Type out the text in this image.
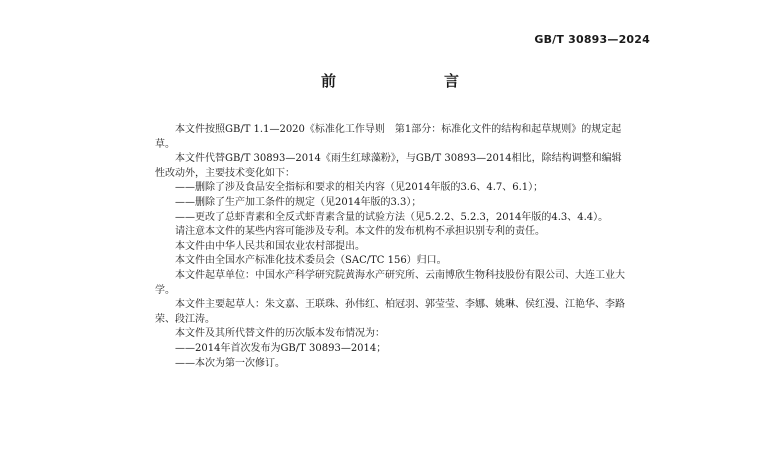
GB/T 30893—2024
前　　言

本文件按照GB/T 1.1—2020《标准化工作导则　第1部分：标准化文件的结构和起草规则》的规定起草。

本文件代替GB/T 30893—2014《雨生红球藻粉》，与GB/T 30893—2014相比，除结构调整和编辑性改动外，主要技术变化如下：

——删除了涉及食品安全指标和要求的相关内容（见2014年版的3.6、4.7、6.1）；

——删除了生产加工条件的规定（见2014年版的3.3）；

——更改了总虾青素和全反式虾青素含量的试验方法（见5.2.2、5.2.3，2014年版的4.3、4.4）。

请注意本文件的某些内容可能涉及专利。本文件的发布机构不承担识别专利的责任。

本文件由中华人民共和国农业农村部提出。

本文件由全国水产标准化技术委员会（SAC/TC 156）归口。

本文件起草单位：中国水产科学研究院黄海水产研究所、云南博欣生物科技股份有限公司、大连工业大学。

本文件主要起草人：朱文嘉、王联珠、孙伟红、柏冠羽、郭莹莹、李娜、姚琳、侯红漫、江艳华、李路荣、段江涛。

本文件及其所代替文件的历次版本发布情况为：

——2014年首次发布为GB/T 30893—2014；

——本次为第一次修订。
